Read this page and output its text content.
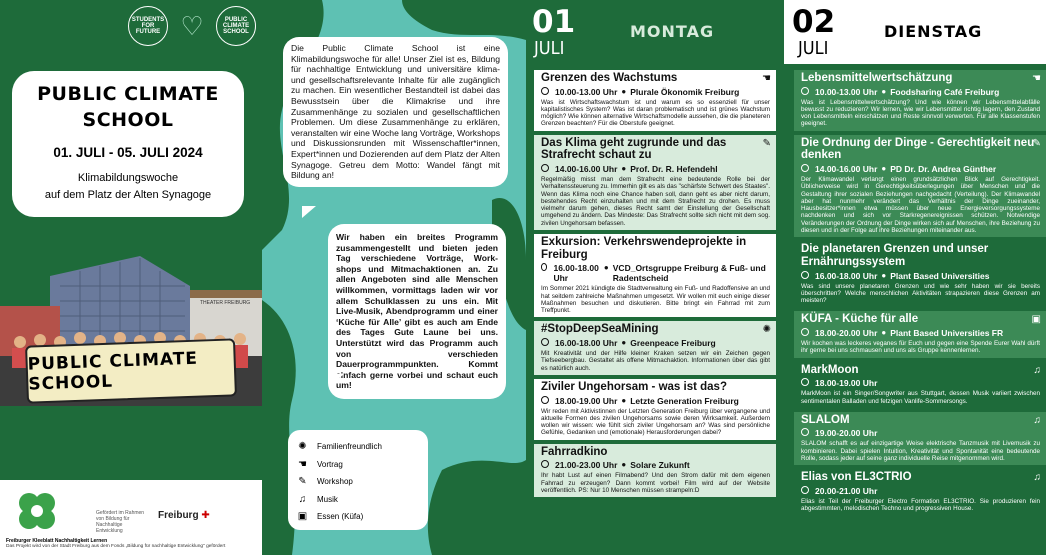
STUDENTS FOR FUTURE ♡	PUBLIC CLIMATE SCHOOL
PUBLIC CLIMATE SCHOOL
01. JULI - 05. JULI 2024
Klimabildungswoche
auf dem Platz der Alten Synagoge
THEATER FREIBURG
PUBLIC CLIMATE SCHOOL
Gefördert im Rahmen von Bildung für Nachhaltige Entwicklung
Freiburg ✚
Freiburger Kleeblatt Nachhaltigkeit Lernen
Das Projekt wird von der Stadt Freiburg aus dem Fonds „Bildung für nachhaltige Entwicklung" gefördert
Die Public Climate School ist eine Klimabildungswoche für alle! Unser Ziel ist es, Bildung für nachhaltige Entwicklung und universitäre klima- und gesellschaftsrelevante Inhalte für alle zugänglich zu machen. Ein wesentlicher Bestandteil ist dabei das Bewusstsein über die Klimakrise und ihre Zusammenhänge zu sozialen und gesellschaftlichen Problemen. Um diese Zusammenhänge zu erklären, veranstalten wir eine Woche lang Vorträge, Workshops und Diskussionsrunden mit Wissenschaftler*innen, Expert*innen und Dozierenden auf dem Platz der Alten Synagoge. Getreu dem Motto: Wandel fängt mit Bildung an!
Wir haben ein breites Programm zusammengestellt und bieten jeden Tag verschiedene Vorträge, Work-shops und Mitmachaktionen an. Zu allen Angeboten sind alle Menschen willkommen, vormittags laden wir vor allem Schulklassen zu uns ein. Mit Live-Musik, Abendprogramm und einer ‘Küche für Alle’ gibt es auch am Ende des Tages Gute Laune bei uns. Unterstützt wird das Programm auch von verschieden Dauerprogrammpunkten. Kommt einfach gerne vorbei und schaut euch um!
✺ Familienfreundlich
☚ Vortrag
✎ Workshop
♫	Musik
▣ Essen (Küfa)
01
JULI
MONTAG
Grenzen des Wachstums
10.00-13.00 Uhr ● Plurale Ökonomik Freiburg
Was ist Wirtschaftswachstum ist und warum es so essenziell für unser kapitalistisches System? Was ist daran problematisch und ist grünes Wachstum möglich? Wie können alternative Wirtschaftsmodelle aussehen, die die planeteren Grenzen beachten? Für die Oberstufe geeignet.
☚
Das Klima geht zugrunde und das Strafrecht schaut zu
14.00-16.00 Uhr ● Prof. Dr. R. Hefendehl
Regelmäßig misst man dem Strafrecht eine bedeutende Rolle bei der Verhaltenssteuerung zu. Immerhin gilt es als das "schärfste Schwert des Staates". Wenn das Klima noch eine Chance haben soll, dann geht es aber nicht darum, bestehendes Recht einzuhalten und mit dem Strafrecht zu drohen. Es muss vielmehr darum gehen, dieses Recht samt der Einstellung der Gesellschaft umgehend zu ändern. Das Mindeste: Das Strafrecht sollte sich nicht mit dem sog. zivilen Ungehorsam befassen.
✎
Exkursion: Verkehrswendeprojekte in Freiburg
16.00-18.00 Uhr
● VCD_Ortsgruppe Freiburg & Fuß- und Radentscheid
Im Sommer 2021 kündigte die Stadtverwaltung ein Fuß- und Radoffensive an und hat seitdem zahlreiche Maßnahmen umgesetzt. Wir wollen mit euch einige dieser Maßnahmen besuchen und diskutieren. Bitte bringt ein Fahrrad mit zum Treffpunkt.
#StopDeepSeaMining
16.00-18.00 Uhr ● Greenpeace Freiburg
Mit Kreativität und der Hilfe kleiner Kraken setzen wir ein Zeichen gegen Tiefseebergbau. Gestaltet als offene Mitmachaktion. Informationen über das gibt es natürlich auch.
✺
Ziviler Ungehorsam - was ist das?
18.00-19.00 Uhr ● Letzte Generation Freiburg
Wir reden mit Aktivistinnen der Letzten Generation Freiburg über vergangene und aktuelle Formen des zivilen Ungehorsams sowie deren Wirksamkeit. Außerdem wollen wir wissen: wie fühlt sich ziviler Ungehorsam an? Was sind persönliche Gefühle, Gedanken und (emotionale) Herausforderungen dabei?
Fahrradkino
21.00-23.00 Uhr ● Solare Zukunft
Ihr habt Lust auf einen Filmabend? Und den Strom dafür mit dem eigenen Fahrrad zu erzeugen? Dann kommt vorbei! Film wird auf der Website veröffentlich. PS: Nur 10 Menschen müssen strampeln:D
02
JULI
DIENSTAG
Lebensmittelwertschätzung
10.00-13.00 Uhr ● Foodsharing Café Freiburg
Was ist Lebensmittelwertschätzung? Und wie können wir Lebensmittelabfälle bewusst zu reduzieren? Wir lernen, wie wir Lebensmittel richtig lagern, den Zustand von Lebensmitteln einschätzen und Reste sinnvoll verwerten. Für alle Klassenstufen geeignet.
☚
Die Ordnung der Dinge - Gerechtigkeit neu denken
14.00-16.00 Uhr ● PD Dr. Dr. Andrea Günther
Der Klimawandel verlangt einen grundsätzlichen Blick auf Gerechtigkeit. Üblicherweise wird in Gerechtigkeitsüberlegungen über Menschen und die Gestaltung ihrer sozialen Beziehungen nachgedacht (Verteilung). Der Klimawandel aber hat nunmehr verändert das Verhältnis der Dinge zueinander, Hausbesitzer*innen etwa müssen über neue Energieversorgungssysteme nachdenken und sich vor Starkregenereignissen schützen. Notwendige Veränderungen der Ordnung der Dinge wirken sich auf Menschen, ihre Beziehung zu diesen und in der Folge auf ihre Beziehungen miteinander aus.
✎
Die planetaren Grenzen und unser Ernährungssystem
16.00-18.00 Uhr ● Plant Based Universities
Was sind unsere planetaren Grenzen und wie sehr haben wir sie bereits überschritten? Welche menschlichen Aktivitäten strapazieren diese Grenzen am meisten?
KÜFA - Küche für alle
18.00-20.00 Uhr ● Plant Based Universities FR
Wir kochen was leckeres veganes für Euch und gegen eine Spende Eurer Wahl dürft ihr gerne bei uns schmausen und uns als Gruppe kennenlernen.
▣
MarkMoon
18.00-19.00 Uhr
MarkMoon ist ein Singer/Songwriter aus Stuttgart, dessen Musik variiert zwischen sentimentalen Balladen und fetzigen Vanlife-Sommersongs.
♫
SLALOM
19.00-20.00 Uhr
SLALOM schafft es auf einzigartige Weise elektrische Tanzmusik mit Livemusik zu kombinieren. Dabei spielen Intuition, Kreativität und Spontanität eine bedeutende Rolle, sodass jeder auf seine ganz individuelle Reise mitgenommen wird.
♫
Elias von EL3CTRIO
20.00-21.00 Uhr
Elias ist Teil der Freiburger Electro Formation EL3CTRIO. Sie produzieren fein abgestimmten, melodischen Techno und progressiven House.
♫
